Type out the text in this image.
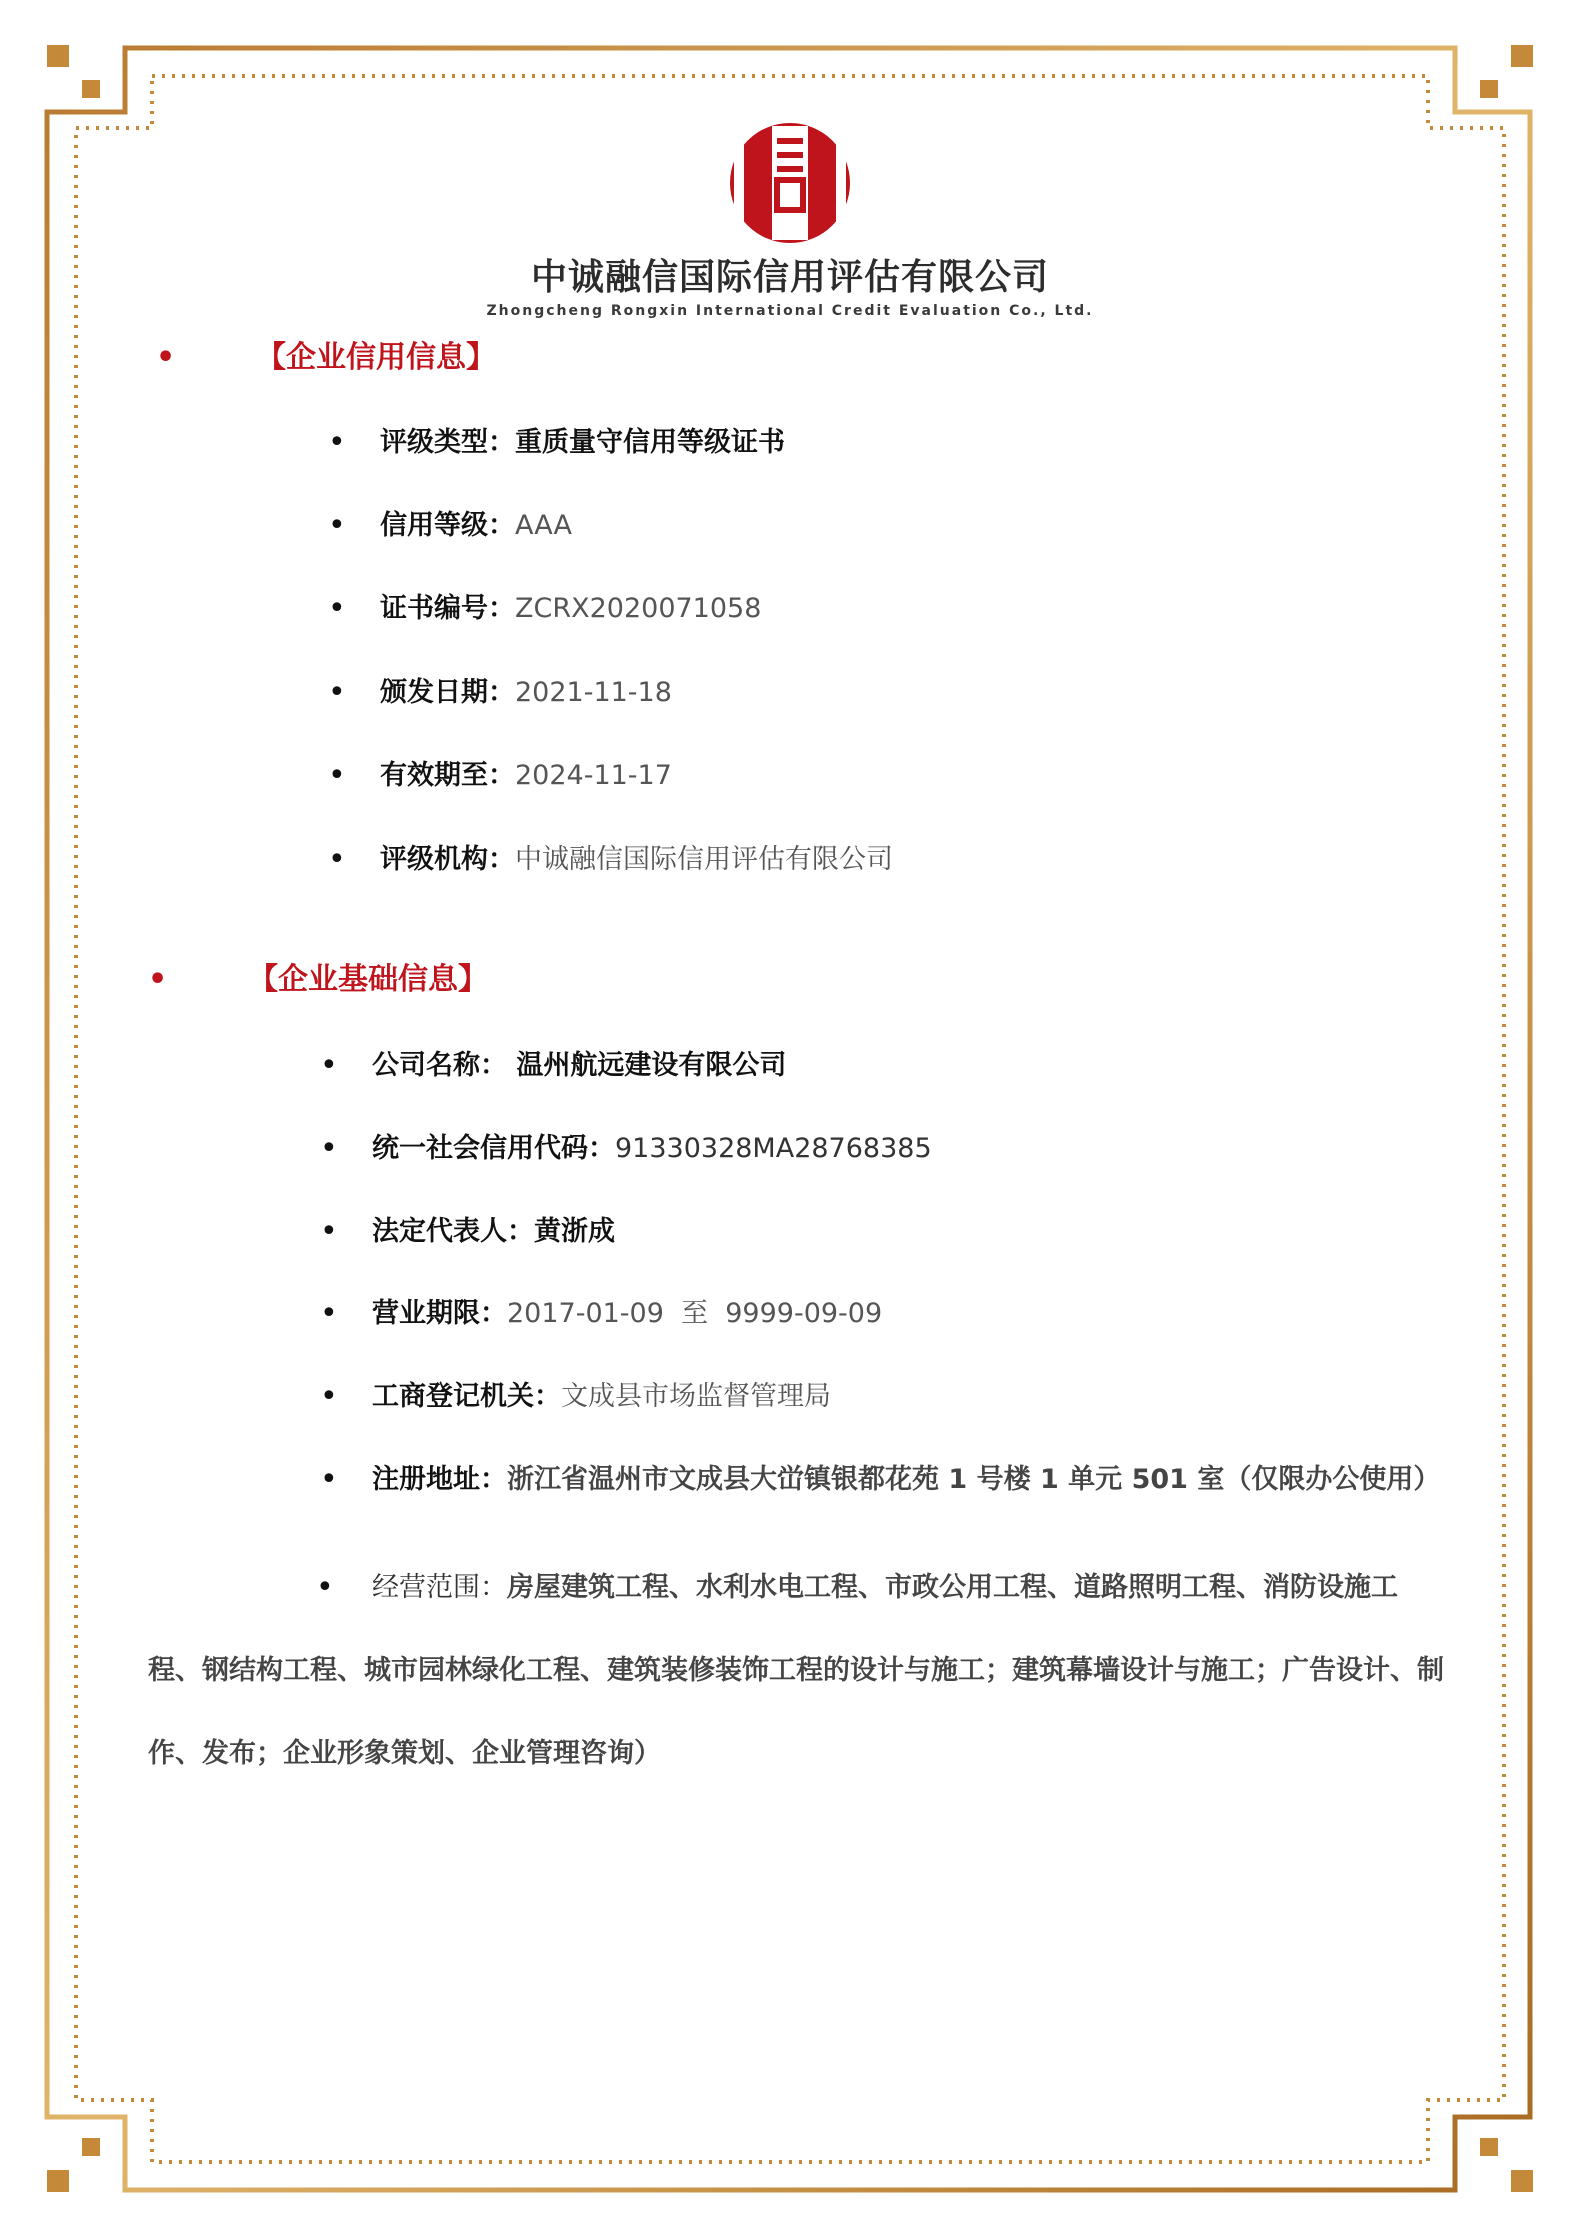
中诚融信国际信用评估有限公司
Zhongcheng Rongxin International Credit Evaluation Co., Ltd.
•	【企业信用信息】
• 评级类型：重质量守信用等级证书
• 信用等级：AAA
• 证书编号：ZCRX2020071058
• 颁发日期：2021-11-18
• 有效期至：2024-11-17
• 评级机构：中诚融信国际信用评估有限公司
•	【企业基础信息】
• 公司名称： 温州航远建设有限公司
• 统一社会信用代码：91330328MA28768385
• 法定代表人：黄浙成
• 营业期限：2017-01-09  至  9999-09-09
• 工商登记机关：文成县市场监督管理局
• 注册地址：浙江省温州市文成县大峃镇银都花苑 1 号楼 1 单元 501 室（仅限办公使用）
• 经营范围：房屋建筑工程、水利水电工程、市政公用工程、道路照明工程、消防设施工程、钢结构工程、城市园林绿化工程、建筑装修装饰工程的设计与施工；建筑幕墙设计与施工；广告设计、制作、发布；企业形象策划、企业管理咨询）
